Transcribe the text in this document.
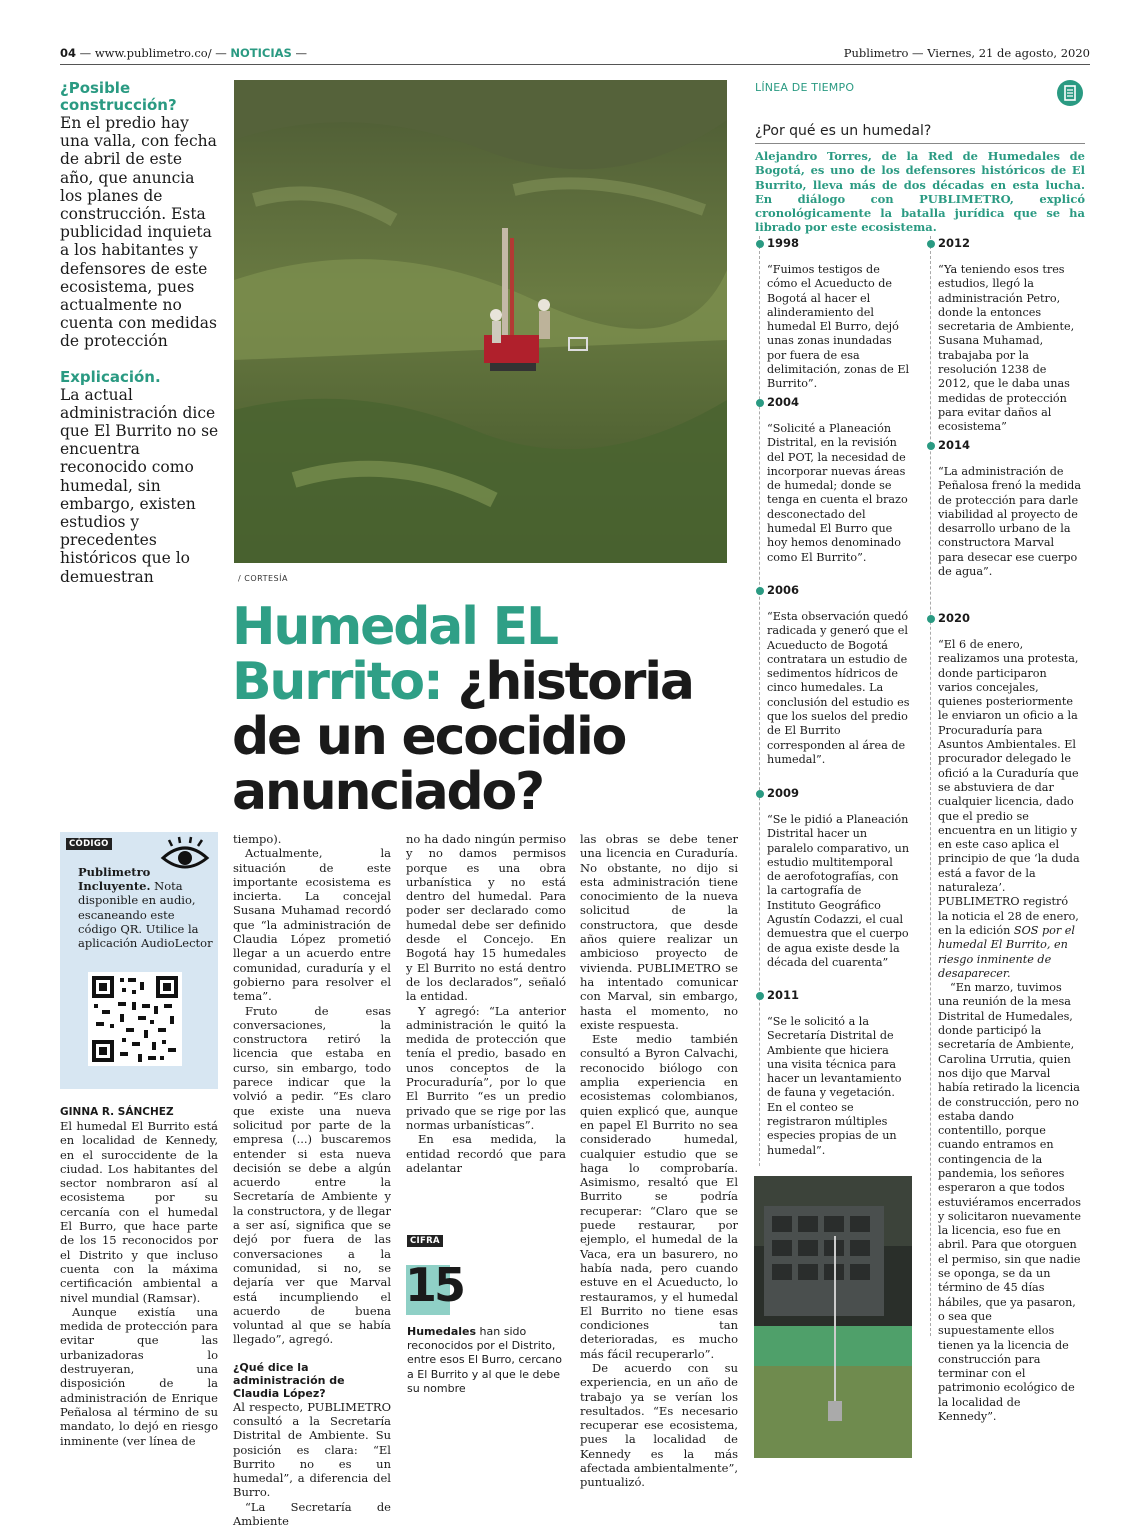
04 — www.publimetro.co/ — NOTICIAS —	Publimetro — Viernes, 21 de agosto, 2020

¿Posible construcción?

En el predio hay una valla, con fecha de abril de este año, que anuncia los planes de construcción. Esta publicidad inquieta a los habitantes y defensores de este ecosistema, pues actualmente no cuenta con medidas de protección

Explicación.

La actual administración dice que El Burrito no se encuentra reconocido como humedal, sin embargo, existen estudios y precedentes históricos que lo demuestran	/ CORTESÍA
Humedal EL Burrito: ¿historia de un ecocidio anunciado?
CÓDIGO
Publimetro Incluyente. Nota disponible en audio, escaneando este código QR. Utilice la aplicación AudioLector
GINNA R. SÁNCHEZ

El humedal El Burrito está en localidad de Kennedy, en el suroccidente de la ciudad. Los habitantes del sector nombraron así al ecosistema por su cercanía con el humedal El Burro, que hace parte de los 15 reconocidos por el Distrito y que incluso cuenta con la máxima certificación ambiental a nivel mundial (Ramsar).

Aunque existía una medida de protección para evitar que las urbanizadoras lo destruyeran, una disposición de la administración de Enrique Peñalosa al término de su mandato, lo dejó en riesgo inminente (ver línea de

tiempo).

Actualmente, la situación de este importante ecosistema es incierta. La concejal Susana Muhamad recordó que “la administración de Claudia López prometió llegar a un acuerdo entre comunidad, curaduría y el gobierno para resolver el tema”.

Fruto de esas conversaciones, la constructora retiró la licencia que estaba en curso, sin embargo, todo parece indicar que la volvió a pedir. “Es claro que existe una nueva solicitud por parte de la empresa (...) buscaremos entender si esta nueva decisión se debe a algún acuerdo entre la Secretaría de Ambiente y la constructora, y de llegar a ser así, significa que se dejó por fuera de las conversaciones a la comunidad, si no, se dejaría ver que Marval está incumpliendo el acuerdo de buena voluntad al que se había llegado”, agregó.

¿Qué dice la administración de Claudia López?

Al respecto, PUBLIMETRO consultó a la Secretaría Distrital de Ambiente. Su posición es clara: “El Burrito no es un humedal”, a diferencia del Burro.

“La Secretaría de Ambiente

no ha dado ningún permiso y no damos permisos porque es una obra urbanística y no está dentro del humedal. Para poder ser declarado como humedal debe ser definido desde el Concejo. En Bogotá hay 15 humedales y El Burrito no está dentro de los declarados”, señaló la entidad.

Y agregó: “La anterior administración le quitó la medida de protección que tenía el predio, basado en unos conceptos de la Procuraduría”, por lo que El Burrito “es un predio privado que se rige por las normas urbanísticas”.

En esa medida, la entidad recordó que para adelantar

las obras se debe tener una licencia en Curaduría. No obstante, no dijo si esta administración tiene conocimiento de la nueva solicitud de la constructora, que desde años quiere realizar un ambicioso proyecto de vivienda. PUBLIMETRO se ha intentado comunicar con Marval, sin embargo, hasta el momento, no existe respuesta.

Este medio también consultó a Byron Calvachi, reconocido biólogo con amplia experiencia en ecosistemas colombianos, quien explicó que, aunque en papel El Burrito no sea considerado humedal, cualquier estudio que se haga lo comprobaría. Asimismo, resaltó que El Burrito se podría recuperar: “Claro que se puede restaurar, por ejemplo, el humedal de la Vaca, era un basurero, no había nada, pero cuando estuve en el Acueducto, lo restauramos, y el humedal El Burrito no tiene esas condiciones tan deterioradas, es mucho más fácil recuperarlo”.

De acuerdo con su experiencia, en un año de trabajo ya se verían los resultados. “Es necesario recuperar ese ecosistema, pues la localidad de Kennedy es la más afectada ambientalmente”, puntualizó.

CIFRA
15
Humedales han sido reconocidos por el Distrito, entre esos El Burro, cercano a El Burrito y al que le debe su nombre
LÍNEA DE TIEMPO
¿Por qué es un humedal?
Alejandro Torres, de la Red de Humedales de Bogotá, es uno de los defensores históricos de El Burrito, lleva más de dos décadas en esta lucha. En diálogo con PUBLIMETRO, explicó cronológicamente la batalla jurídica que se ha librado por este ecosistema.
1998
“Fuimos testigos de cómo el Acueducto de Bogotá al hacer el alinderamiento del humedal El Burro, dejó unas zonas inundadas por fuera de esa delimitación, zonas de El Burrito”.
2004
“Solicité a Planeación Distrital, en la revisión del POT, la necesidad de incorporar nuevas áreas de humedal; donde se tenga en cuenta el brazo desconectado del humedal El Burro que hoy hemos denominado como El Burrito”.
2006
“Esta observación quedó radicada y generó que el Acueducto de Bogotá contratara un estudio de sedimentos hídricos de cinco humedales. La conclusión del estudio es que los suelos del predio de El Burrito corresponden al área de humedal”.
2009
“Se le pidió a Planeación Distrital hacer un paralelo comparativo, un estudio multitemporal de aerofotografías, con la cartografía de Instituto Geográfico Agustín Codazzi, el cual demuestra que el cuerpo de agua existe desde la década del cuarenta”
2011
“Se le solicitó a la Secretaría Distrital de Ambiente que hiciera una visita técnica para hacer un levantamiento de fauna y vegetación. En el conteo se registraron múltiples especies propias de un humedal”.
2012
“Ya teniendo esos tres estudios, llegó la administración Petro, donde la entonces secretaria de Ambiente, Susana Muhamad, trabajaba por la resolución 1238 de 2012, que le daba unas medidas de protección para evitar daños al ecosistema”
2014
“La administración de Peñalosa frenó la medida de protección para darle viabilidad al proyecto de desarrollo urbano de la constructora Marval para desecar ese cuerpo de agua”.
2020
“El 6 de enero, realizamos una protesta, donde participaron varios concejales, quienes posteriormente le enviaron un oficio a la Procuraduría para Asuntos Ambientales. El procurador delegado le ofició a la Curaduría que se abstuviera de dar cualquier licencia, dado que el predio se encuentra en un litigio y en este caso aplica el principio de que ‘la duda está a favor de la naturaleza’. PUBLIMETRO registró la noticia el 28 de enero, en la edición SOS por el humedal El Burrito, en riesgo inminente de desaparecer.
“En marzo, tuvimos una reunión de la mesa Distrital de Humedales, donde participó la secretaría de Ambiente, Carolina Urrutia, quien nos dijo que Marval había retirado la licencia de construcción, pero no estaba dando contentillo, porque cuando entramos en contingencia de la pandemia, los señores esperaron a que todos estuviéramos encerrados y solicitaron nuevamente la licencia, eso fue en abril. Para que otorguen el permiso, sin que nadie se oponga, se da un término de 45 días hábiles, que ya pasaron, o sea que supuestamente ellos tienen ya la licencia de construcción para terminar con el patrimonio ecológico de la localidad de Kennedy”.
